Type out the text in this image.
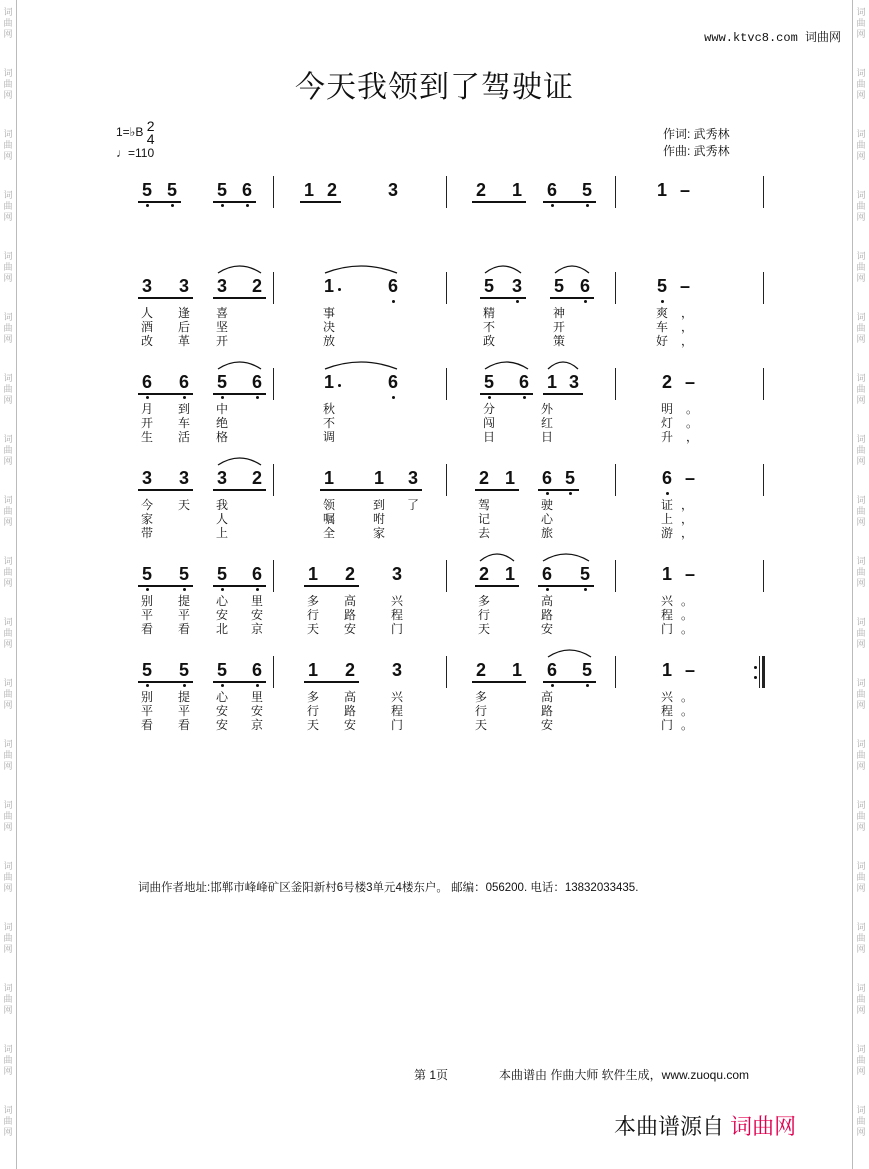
词
曲
网
词
曲
网
词
曲
网
词
曲
网
词
曲
网
词
曲
网
词
曲
网
词
曲
网
词
曲
网
词
曲
网
词
曲
网
词
曲
网
词
曲
网
词
曲
网
词
曲
网
词
曲
网
词
曲
网
词
曲
网
词
曲
网
词
曲
网
词
曲
网
词
曲
网
词
曲
网
词
曲
网
词
曲
网
词
曲
网
词
曲
网
词
曲
网
词
曲
网
词
曲
网
词
曲
网
词
曲
网
词
曲
网
词
曲
网
词
曲
网
词
曲
网
词
曲
网
词
曲
网
www.ktvc8.com 词曲网
今天我领到了驾驶证
1=♭B 2
4
♩=110
作词: 武秀林
作曲: 武秀林
5 5 5 6	1 2	3	2 1 6 5	1 –
3 3 3 2	1	6	5 3 5 6	5 –
人
酒
改
逢
后
革
喜
坚
开
事
决
放
精
不
政
神
开
策
爽
车
好
，
，
，
6 6 5 6	1	6	5 6 1 3	2 –
月
开
生
到
车
活
中
绝
格
秋
不
调
分
闯
日
外
红
日
明
灯
升
。
。
，
3 3 3 2	1 1 3	2 1 6 5	6 –
今
家
带
天

我
人
上
领
嘱
全
到
咐
家
了

	驾
记
去
驶
心
旅
证
上
游
，
，
，
5 5 5 6	1 2 3	2 1 6 5	1 –
别
平
看
提
平
看
心
安
北
里
安
京
多
行
天
高
路
安
兴
程
门
多
行
天
高
路
安
兴
程
门
。
。
。
5 5 5 6	1 2 3	2 1 6 5	1 –
别
平
看
提
平
看
心
安
安
里
安
京
多
行
天
高
路
安
兴
程
门
多
行
天
高
路
安
兴
程
门
。
。
。
词曲作者地址:邯郸市峰峰矿区釜阳新村6号楼3单元4楼东户。 邮编：056200. 电话：13832033435.
第 1页	本曲谱由 作曲大师 软件生成，www.zuoqu.com
本曲谱源自 词曲网
